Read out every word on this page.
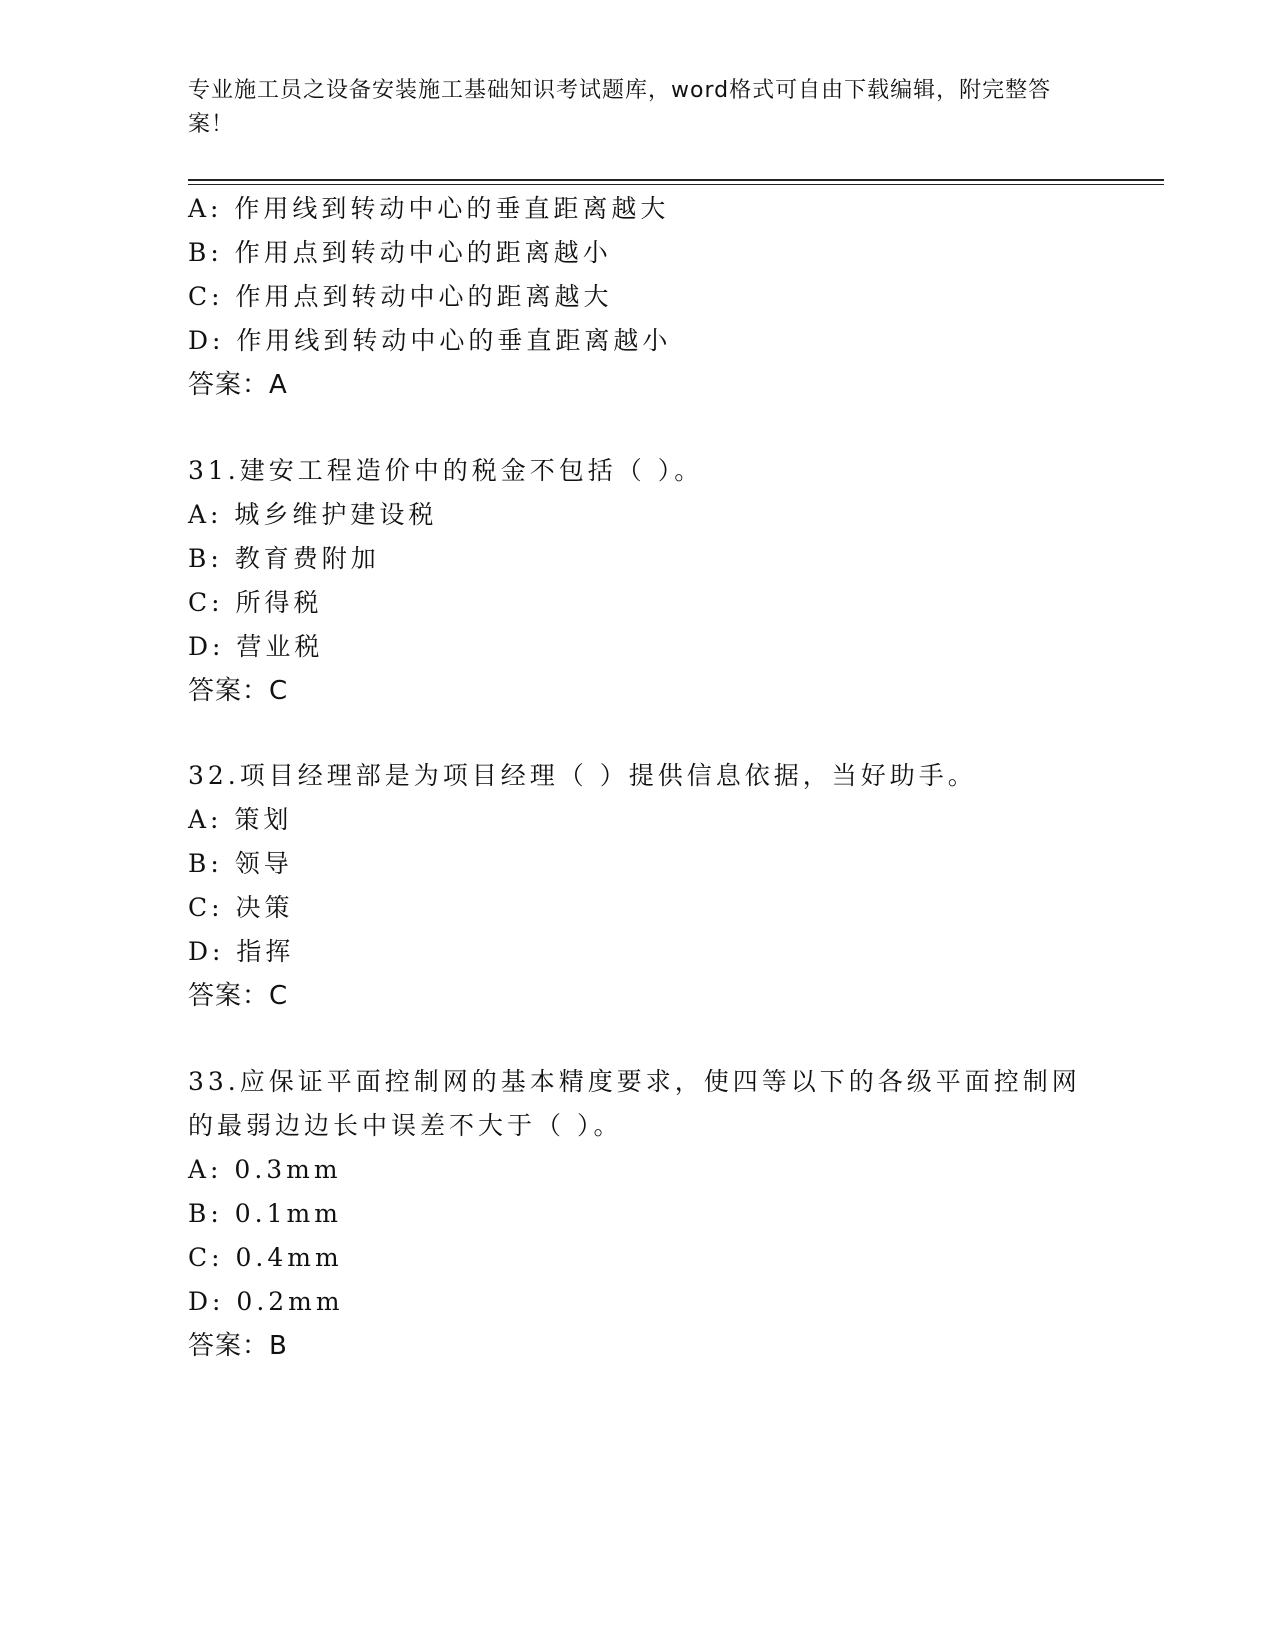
专业施工员之设备安装施工基础知识考试题库，word格式可自由下载编辑，附完整答案！
A: 作用线到转动中心的垂直距离越大
B: 作用点到转动中心的距离越小
C: 作用点到转动中心的距离越大
D: 作用线到转动中心的垂直距离越小
答案：A
31.建安工程造价中的税金不包括（ ）。
A: 城乡维护建设税
B: 教育费附加
C: 所得税
D: 营业税
答案：C
32.项目经理部是为项目经理（ ）提供信息依据，当好助手。
A: 策划
B: 领导
C: 决策
D: 指挥
答案：C
33.应保证平面控制网的基本精度要求，使四等以下的各级平面控制网
的最弱边边长中误差不大于（ ）。
A: 0.3mm
B: 0.1mm
C: 0.4mm
D: 0.2mm
答案：B
